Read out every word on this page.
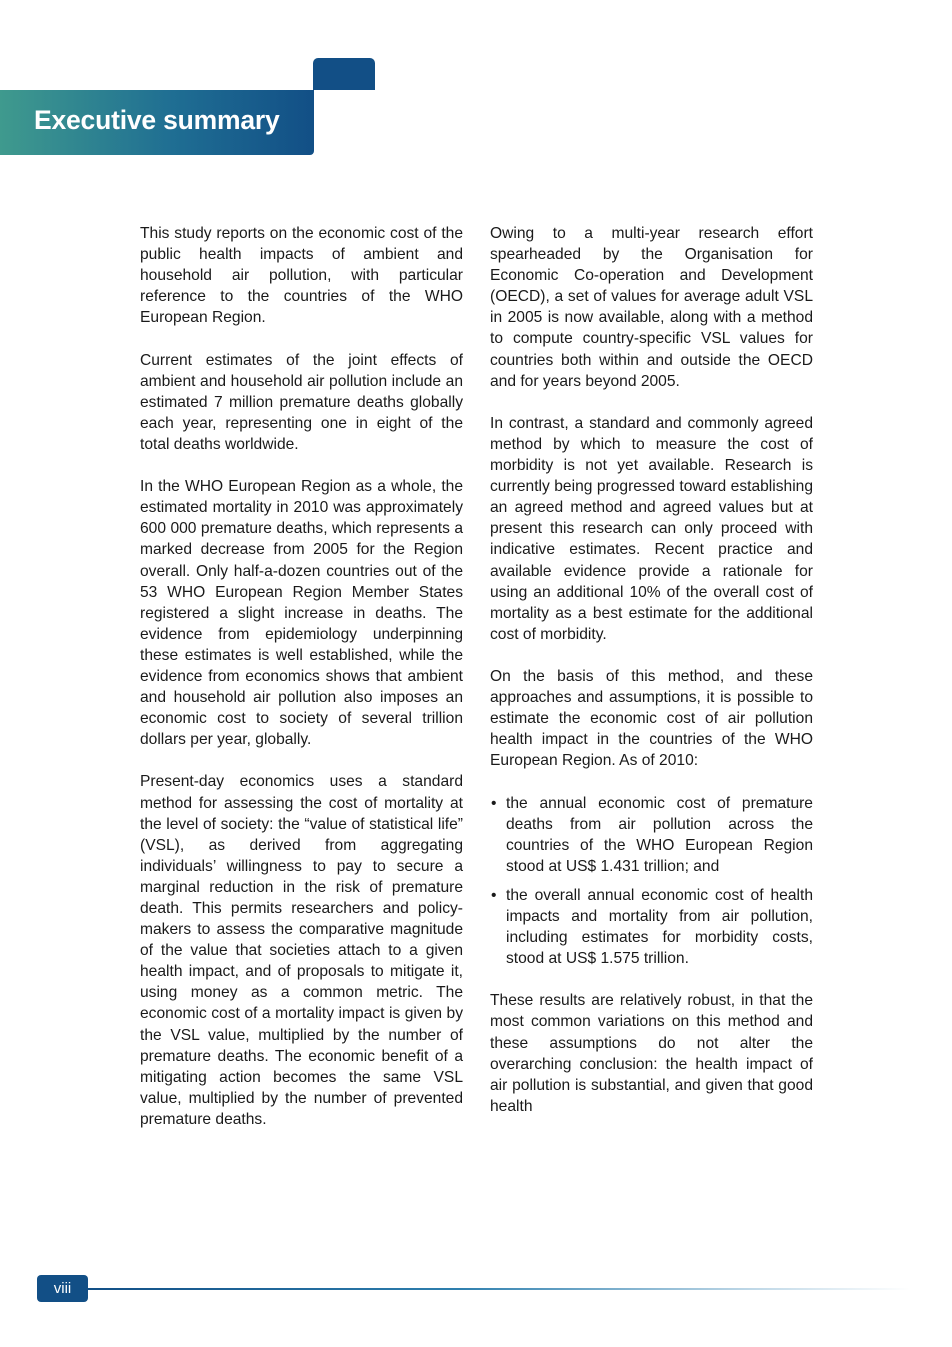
Executive summary

This study reports on the economic cost of the public health impacts of ambient and household air pollution, with particular reference to the countries of the WHO European Region.

Current estimates of the joint effects of ambient and household air pollution include an estimated 7 million premature deaths globally each year, representing one in eight of the total deaths worldwide.

In the WHO European Region as a whole, the estimated mortality in 2010 was approximately 600 000 premature deaths, which represents a marked decrease from 2005 for the Region overall. Only half-a-dozen countries out of the 53 WHO European Region Member States registered a slight increase in deaths. The evidence from epidemiology underpinning these estimates is well established, while the evidence from economics shows that ambient and household air pollution also imposes an economic cost to society of several trillion dollars per year, globally.

Present-day economics uses a standard method for assessing the cost of mortality at the level of society: the “value of statistical life” (VSL), as derived from aggregating individuals’ willingness to pay to secure a marginal reduction in the risk of premature death. This permits researchers and policy-makers to assess the comparative magnitude of the value that societies attach to a given health impact, and of proposals to mitigate it, using money as a common metric. The economic cost of a mortality impact is given by the VSL value, multiplied by the number of premature deaths. The economic benefit of a mitigating action becomes the same VSL value, multiplied by the number of prevented premature deaths.

Owing to a multi-year research effort spearheaded by the Organisation for Economic Co-operation and Development (OECD), a set of values for average adult VSL in 2005 is now available, along with a method to compute country-specific VSL values for countries both within and outside the OECD and for years beyond 2005.

In contrast, a standard and commonly agreed method by which to measure the cost of morbidity is not yet available. Research is currently being progressed toward establishing an agreed method and agreed values but at present this research can only proceed with indicative estimates. Recent practice and available evidence provide a rationale for using an additional 10% of the overall cost of mortality as a best estimate for the additional cost of morbidity.

On the basis of this method, and these approaches and assumptions, it is possible to estimate the economic cost of air pollution health impact in the countries of the WHO European Region. As of 2010:

• the annual economic cost of premature deaths from air pollution across the countries of the WHO European Region stood at US$ 1.431 trillion; and
• the overall annual economic cost of health impacts and mortality from air pollution, including estimates for morbidity costs, stood at US$ 1.575 trillion.

These results are relatively robust, in that the most common variations on this method and these assumptions do not alter the overarching conclusion: the health impact of air pollution is substantial, and given that good health

viii
